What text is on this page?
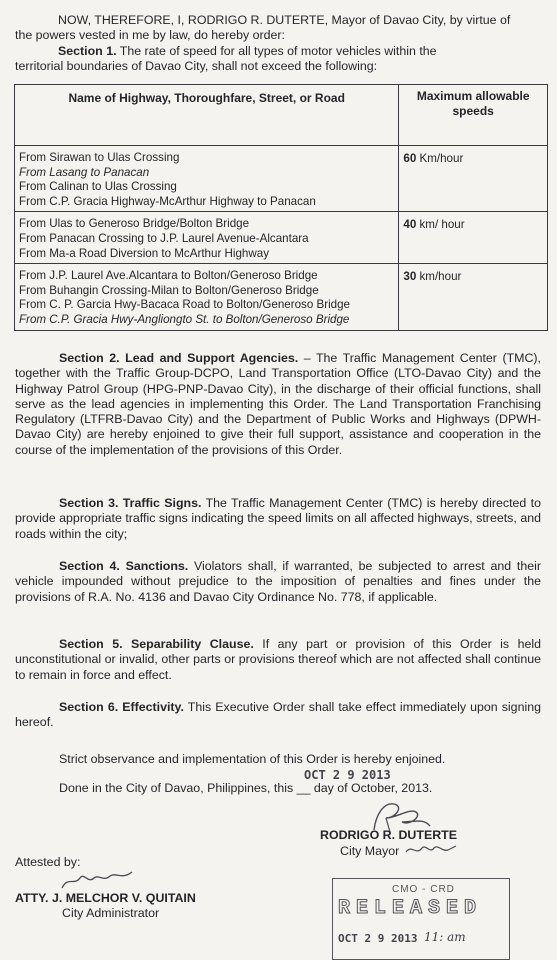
NOW, THEREFORE, I, RODRIGO R. DUTERTE, Mayor of Davao City, by virtue of
the powers vested in me by law, do hereby order:
Section 1. The rate of speed for all types of motor vehicles within the
territorial boundaries of Davao City, shall not exceed the following:
Name of Highway, Thoroughfare, Street, or Road	Maximum allowable
speeds

From Sirawan to Ulas Crossing
From Lasang to Panacan
From Calinan to Ulas Crossing
From C.P. Gracia Highway-McArthur Highway to Panacan	60 Km/hour

From Ulas to Generoso Bridge/Bolton Bridge
From Panacan Crossing to J.P. Laurel Avenue-Alcantara
From Ma-a Road Diversion to McArthur Highway	40 km/ hour

From J.P. Laurel Ave.Alcantara to Bolton/Generoso Bridge
From Buhangin Crossing-Milan to Bolton/Generoso Bridge
From C. P. Garcia Hwy-Bacaca Road to Bolton/Generoso Bridge
From C.P. Gracia Hwy-Angliongto St. to Bolton/Generoso Bridge	30 km/hour

Section 2. Lead and Support Agencies. – The Traffic Management Center (TMC), together with the Traffic Group-DCPO, Land Transportation Office (LTO-Davao City) and the Highway Patrol Group (HPG-PNP-Davao City), in the discharge of their official functions, shall serve as the lead agencies in implementing this Order. The Land Transportation Franchising Regulatory (LTFRB-Davao City) and the Department of Public Works and Highways (DPWH-Davao City) are hereby enjoined to give their full support, assistance and cooperation in the course of the implementation of the provisions of this Order.

Section 3. Traffic Signs. The Traffic Management Center (TMC) is hereby directed to provide appropriate traffic signs indicating the speed limits on all affected highways, streets, and roads within the city;

Section 4. Sanctions. Violators shall, if warranted, be subjected to arrest and their vehicle impounded without prejudice to the imposition of penalties and fines under the provisions of R.A. No. 4136 and Davao City Ordinance No. 778, if applicable.

Section 5. Separability Clause. If any part or provision of this Order is held unconstitutional or invalid, other parts or provisions thereof which are not affected shall continue to remain in force and effect.

Section 6. Effectivity. This Executive Order shall take effect immediately upon signing hereof.

Strict observance and implementation of this Order is hereby enjoined.
Done in the City of Davao, Philippines, this __ day of October, 2013.
OCT 2 9 2013
RODRIGO R. DUTERTE
City Mayor
Attested by:
ATTY. J. MELCHOR V. QUITAIN
City Administrator
CMO - CRD
RELEASED
OCT 2 9 2013 11: am
